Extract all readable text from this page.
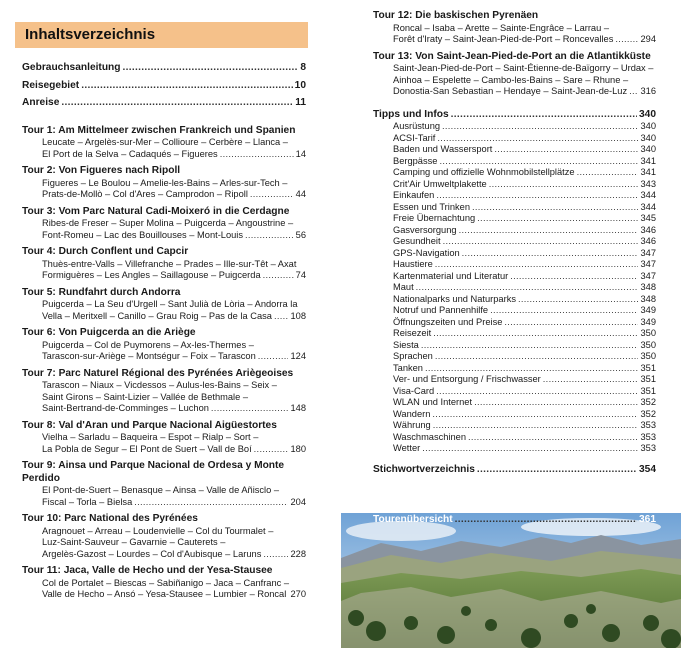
Inhaltsverzeichnis
Gebrauchsanleitung .....	8
Reisegebiet .....	10
Anreise .....	11
Tour 1: Am Mittelmeer zwischen Frankreich und Spanien
Leucate – Argelès-sur-Mer – Collioure – Cerbère – Llanca –
El Port de la Selva – Cadaqués – Figueres .....	14
Tour 2: Von Figueres nach Ripoll
Figueres – Le Boulou – Amelie-les-Bains – Arles-sur-Tech –
Prats-de-Mollò – Col d'Ares – Camprodon – Ripoll .....	44
Tour 3: Vom Parc Natural Cadi-Moixeró in die Cerdagne
Ribes-de Freser – Super Molina – Puigcerda – Angoustrine –
Font-Romeu – Lac des Bouillouses – Mont-Louis .....	56
Tour 4: Durch Conflent und Capcir
Thuès-entre-Valls – Villefranche – Prades – Ille-sur-Têt – Axat
Formiguères – Les Angles – Saillagouse – Puigcerda .....	74
Tour 5: Rundfahrt durch Andorra
Puigcerda – La Seu d'Urgell – Sant Julià de Lòria – Andorra la
Vella – Meritxell – Canillo – Grau Roig – Pas de la Casa ..... 108
Tour 6: Von Puigcerda an die Ariège
Puigcerda – Col de Puymorens – Ax-les-Thermes –
Tarascon-sur-Ariège – Montségur – Foix – Tarascon .....	124
Tour 7: Parc Naturel Régional des Pyrénées Ariègeoises
Tarascon – Niaux – Vicdessos – Aulus-les-Bains – Seix –
Saint Girons – Saint-Lizier – Vallée de Bethmale –
Saint-Bertrand-de-Comminges – Luchon .....	148
Tour 8: Val d'Aran und Parque Nacional Aigüestortes
Vielha – Sarladu – Baqueira – Espot – Rialp – Sort –
La Pobla de Segur – El Pont de Suert – Vall de Boí .....	180
Tour 9: Ainsa und Parque Nacional de Ordesa y Monte Perdido
El Pont-de-Suert – Benasque – Ainsa – Valle de Añisclo –
Fiscal – Torla – Bielsa .....	204
Tour 10: Parc National des Pyrénées
Aragnouet – Arreau – Loudenvielle – Col du Tourmalet –
Luz-Saint-Sauveur – Gavarnie – Cauterets –
Argelès-Gazost – Lourdes – Col d'Aubisque – Laruns .....	228
Tour 11: Jaca, Valle de Hecho und der Yesa-Stausee
Col de Portalet – Biescas – Sabiñanigo – Jaca – Canfranc –
Valle de Hecho – Ansó – Yesa-Stausee – Lumbier – Roncal ..... 270
Tour 12: Die baskischen Pyrenäen
Roncal – Isaba – Arette – Sainte-Engrâce – Larrau –
Forêt d'Iraty – Saint-Jean-Pied-de-Port – Roncevalles .....	294
Tour 13: Von Saint-Jean-Pied-de-Port an die Atlantikküste
Saint-Jean-Pied-de-Port – Saint-Étienne-de-Baïgorry – Urdax –
Ainhoa – Espelette – Cambo-les-Bains – Sare – Rhune –
Donostia-San Sebastian – Hendaye – Saint-Jean-de-Luz ..... 316
Tipps und Infos .....	340
Ausrüstung .....	340
ACSI-Tarif .....	340
Baden und Wassersport .....	340
Bergpässe .....	341
Camping und offizielle Wohnmobilstellplätze .....	341
Crit'Air Umweltplakette .....	343
Einkaufen .....	344
Essen und Trinken .....	344
Freie Übernachtung .....	345
Gasversorgung .....	346
Gesundheit .....	346
GPS-Navigation .....	347
Haustiere .....	347
Kartenmaterial und Literatur .....	347
Maut .....	348
Nationalparks und Naturparks .....	348
Notruf und Pannenhilfe .....	349
Öffnungszeiten und Preise .....	349
Reisezeit .....	350
Siesta .....	350
Sprachen .....	350
Tanken .....	351
Ver- und Entsorgung / Frischwasser .....	351
Visa-Card .....	351
WLAN und Internet .....	352
Wandern .....	352
Währung .....	353
Waschmaschinen .....	353
Wetter .....	353
Stichwortverzeichnis .....	354
Tourenübersicht .....	361
